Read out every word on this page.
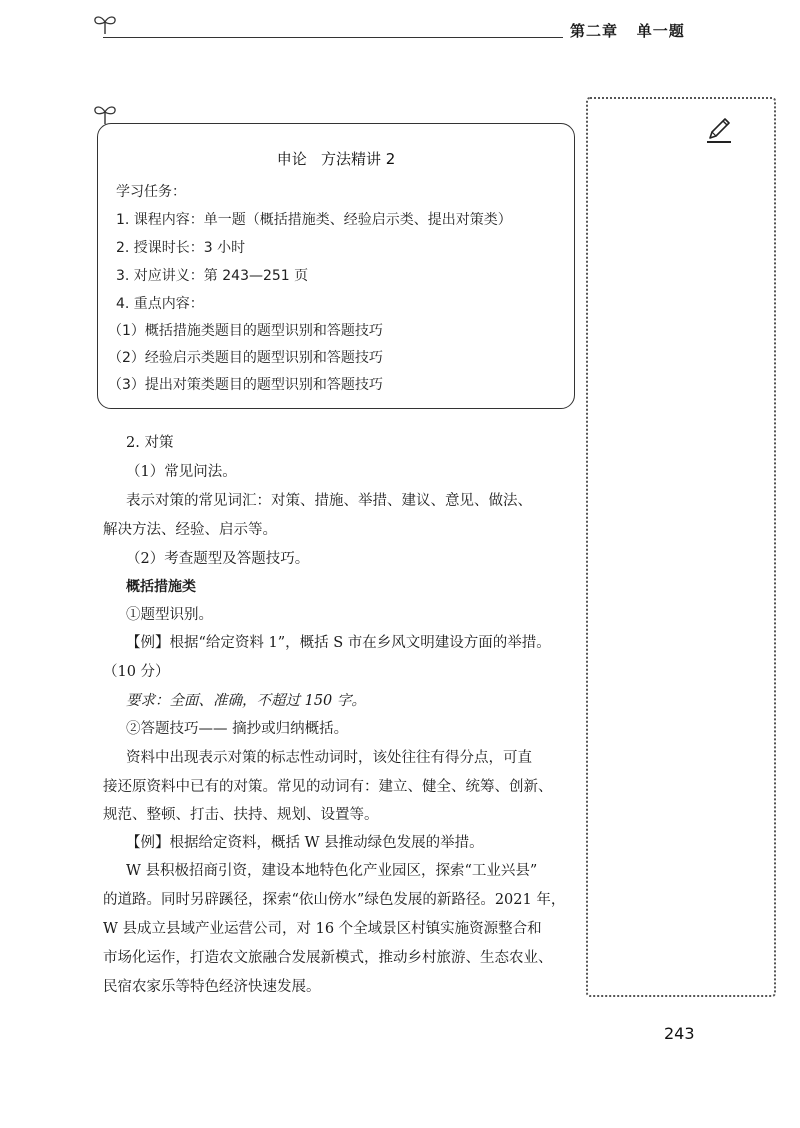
第二章 单一题
申论   方法精讲 2
学习任务：
1. 课程内容：单一题（概括措施类、经验启示类、提出对策类）
2. 授课时长：3 小时
3. 对应讲义：第 243—251 页
4. 重点内容：
（1）概括措施类题目的题型识别和答题技巧
（2）经验启示类题目的题型识别和答题技巧
（3）提出对策类题目的题型识别和答题技巧
2. 对策
（1）常见问法。
表示对策的常见词汇：对策、措施、举措、建议、意见、做法、
解决方法、经验、启示等。
（2）考查题型及答题技巧。
概括措施类
①题型识别。
【例】根据“给定资料 1”，概括 S 市在乡风文明建设方面的举措。
（10 分）
要求：全面、准确，不超过 150 字。
②答题技巧—— 摘抄或归纳概括。
资料中出现表示对策的标志性动词时，该处往往有得分点，可直
接还原资料中已有的对策。常见的动词有：建立、健全、统筹、创新、
规范、整顿、打击、扶持、规划、设置等。
【例】根据给定资料，概括 W 县推动绿色发展的举措。
W 县积极招商引资，建设本地特色化产业园区，探索“工业兴县”
的道路。同时另辟蹊径，探索“依山傍水”绿色发展的新路径。2021 年，
W 县成立县域产业运营公司，对 16 个全域景区村镇实施资源整合和
市场化运作，打造农文旅融合发展新模式，推动乡村旅游、生态农业、
民宿农家乐等特色经济快速发展。
243
